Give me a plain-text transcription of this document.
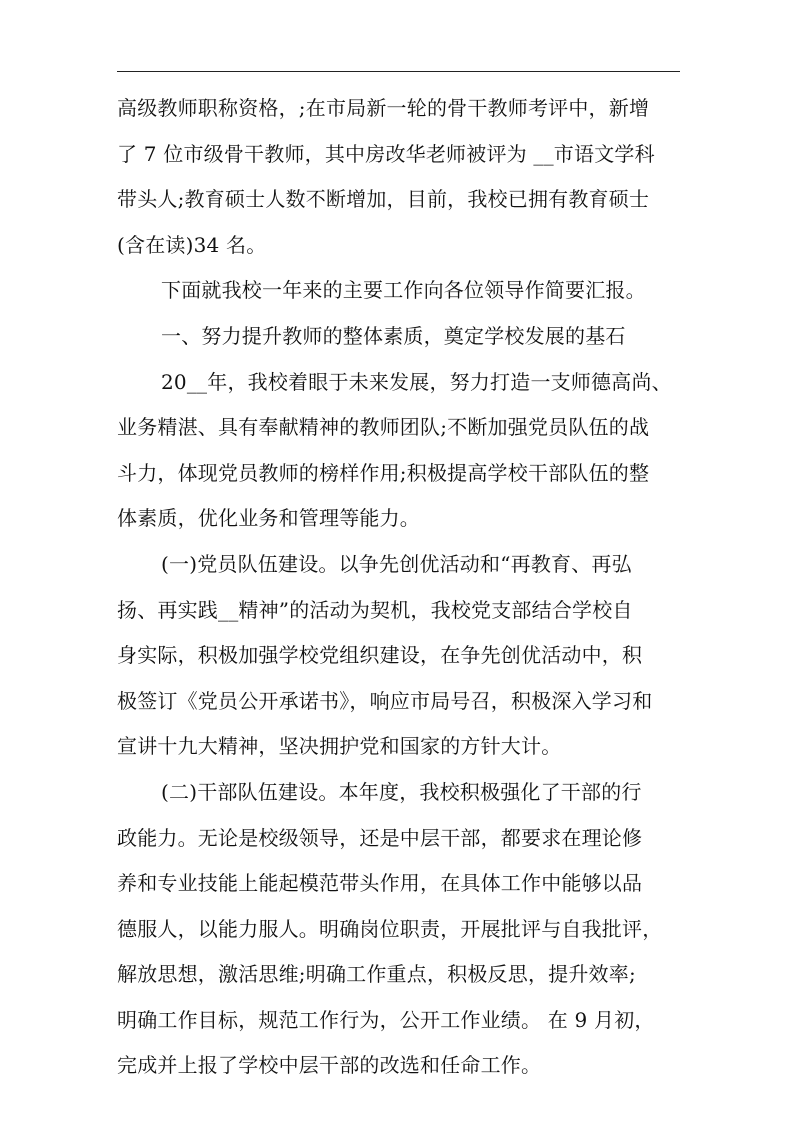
高级教师职称资格，;在市局新一轮的骨干教师考评中，新增
了 7 位市级骨干教师，其中房改华老师被评为 __市语文学科
带头人;教育硕士人数不断增加，目前，我校已拥有教育硕士
(含在读)34 名。
下面就我校一年来的主要工作向各位领导作简要汇报。
一、努力提升教师的整体素质，奠定学校发展的基石
20__年，我校着眼于未来发展，努力打造一支师德高尚、
业务精湛、具有奉献精神的教师团队;不断加强党员队伍的战
斗力，体现党员教师的榜样作用;积极提高学校干部队伍的整
体素质，优化业务和管理等能力。
(一)党员队伍建设。以争先创优活动和“再教育、再弘
扬、再实践__精神”的活动为契机，我校党支部结合学校自
身实际，积极加强学校党组织建设，在争先创优活动中，积
极签订《党员公开承诺书》，响应市局号召，积极深入学习和
宣讲十九大精神，坚决拥护党和国家的方针大计。
(二)干部队伍建设。本年度，我校积极强化了干部的行
政能力。无论是校级领导，还是中层干部，都要求在理论修
养和专业技能上能起模范带头作用，在具体工作中能够以品
德服人，以能力服人。明确岗位职责，开展批评与自我批评，
解放思想，激活思维;明确工作重点，积极反思，提升效率;
明确工作目标，规范工作行为，公开工作业绩。 在 9 月初，
完成并上报了学校中层干部的改选和任命工作。
